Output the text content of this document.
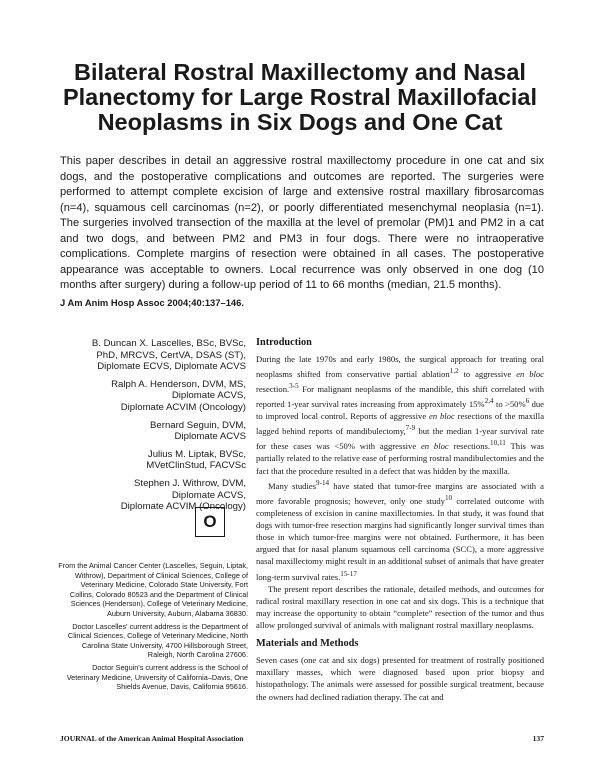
Bilateral Rostral Maxillectomy and Nasal Planectomy for Large Rostral Maxillofacial Neoplasms in Six Dogs and One Cat

This paper describes in detail an aggressive rostral maxillectomy procedure in one cat and six dogs, and the postoperative complications and outcomes are reported. The surgeries were performed to attempt complete excision of large and extensive rostral maxillary fibrosarcomas (n=4), squamous cell carcinomas (n=2), or poorly differentiated mesenchymal neoplasia (n=1). The surgeries involved transection of the maxilla at the level of premolar (PM)1 and PM2 in a cat and two dogs, and between PM2 and PM3 in four dogs. There were no intraoperative complications. Complete margins of resection were obtained in all cases. The postoperative appearance was acceptable to owners. Local recurrence was only observed in one dog (10 months after surgery) during a follow-up period of 11 to 66 months (median, 21.5 months).

J Am Anim Hosp Assoc 2004;40:137–146.
B. Duncan X. Lascelles, BSc, BVSc,
PhD, MRCVS, CertVA, DSAS (ST),
Diplomate ECVS, Diplomate ACVS
Ralph A. Henderson, DVM, MS,
Diplomate ACVS,
Diplomate ACVIM (Oncology)
Bernard Seguin, DVM,
Diplomate ACVS
Julius M. Liptak, BVSc,
MVetClinStud, FACVSc
Stephen J. Withrow, DVM,
Diplomate ACVS,
Diplomate ACVIM (Oncology)
O

From the Animal Cancer Center (Lascelles, Seguin, Liptak, Withrow), Department of Clinical Sciences, College of Veterinary Medicine, Colorado State University, Fort Collins, Colorado 80523 and the Department of Clinical Sciences (Henderson), College of Veterinary Medicine, Auburn University, Auburn, Alabama 36830.

Doctor Lascelles' current address is the Department of Clinical Sciences, College of Veterinary Medicine, North Carolina State University, 4700 Hillsborough Street, Raleigh, North Carolina 27606.

Doctor Seguin's current address is the School of Veterinary Medicine, University of California–Davis, One Shields Avenue, Davis, California 95616.

Introduction

During the late 1970s and early 1980s, the surgical approach for treating oral neoplasms shifted from conservative partial ablation$^{1,2}$ to aggressive en bloc resection.$^{3-5}$ For malignant neoplasms of the mandible, this shift correlated with reported 1-year survival rates increasing from approximately 15%$^{2,4}$ to >50%$^6$ due to improved local control. Reports of aggressive en bloc resections of the maxilla lagged behind reports of mandibulectomy,$^{7-9}$ but the median 1-year survival rate for these cases was <50% with aggressive en bloc resections.$^{10,11}$ This was partially related to the relative ease of performing rostral mandibulectomies and the fact that the procedure resulted in a defect that was hidden by the maxilla.

Many studies$^{9-14}$ have stated that tumor-free margins are associated with a more favorable prognosis; however, only one study$^{10}$ correlated outcome with completeness of excision in canine maxillectomies. In that study, it was found that dogs with tumor-free resection margins had significantly longer survival times than those in which tumor-free margins were not obtained. Furthermore, it has been argued that for nasal planum squamous cell carcinoma (SCC), a more aggressive nasal maxillectomy might result in an additional subset of animals that have greater long-term survival rates.$^{15-17}$

The present report describes the rationale, detailed methods, and outcomes for radical rostral maxillary resection in one cat and six dogs. This is a technique that may increase the opportunity to obtain “complete” resection of the tumor and thus allow prolonged survival of animals with malignant rostral maxillary neoplasms.

Materials and Methods

Seven cases (one cat and six dogs) presented for treatment of rostrally positioned maxillary masses, which were diagnosed based upon prior biopsy and histopathology. The animals were assessed for possible surgical treatment, because the owners had declined radiation therapy. The cat and

JOURNAL of the American Animal Hospital Association	137
